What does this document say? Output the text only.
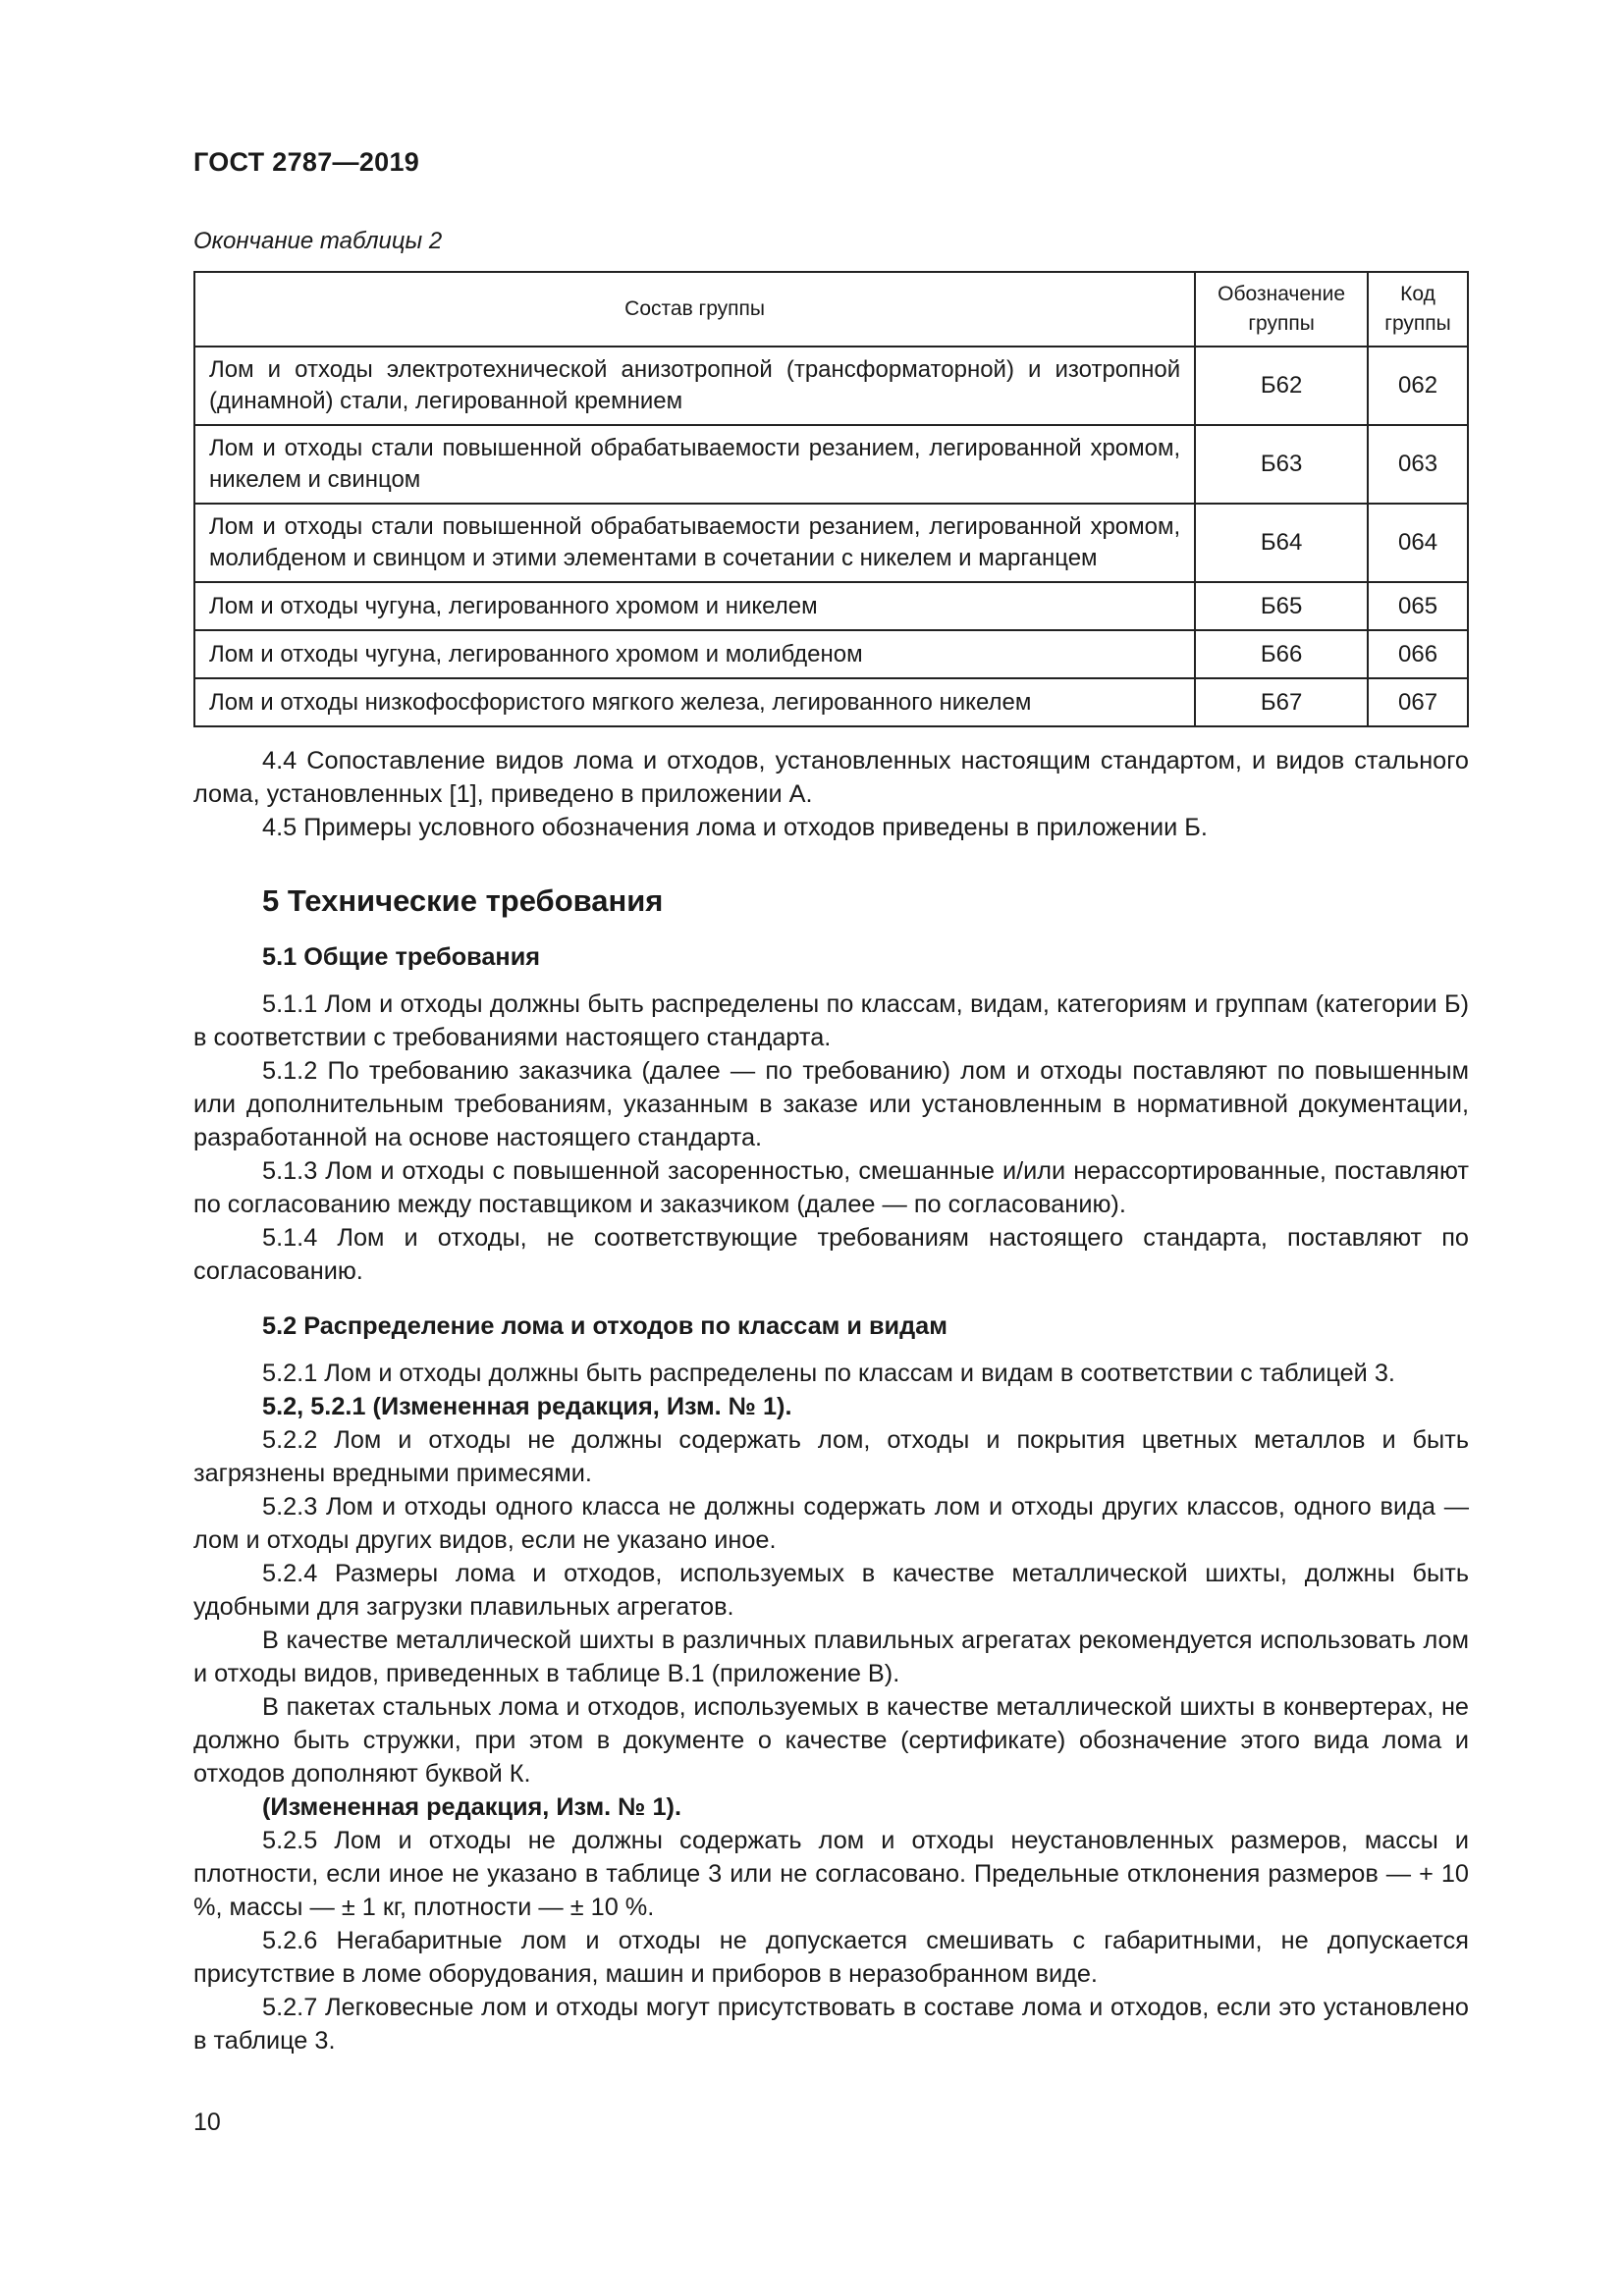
ГОСТ 2787—2019
Окончание таблицы 2
Состав группы	Обозначение группы	Код группы
Лом и отходы электротехнической анизотропной (трансформаторной) и изотропной (динамной) стали, легированной кремнием	Б62	062
Лом и отходы стали повышенной обрабатываемости резанием, легированной хромом, никелем и свинцом	Б63	063
Лом и отходы стали повышенной обрабатываемости резанием, легированной хромом, молибденом и свинцом и этими элементами в сочетании с никелем и марганцем	Б64	064
Лом и отходы чугуна, легированного хромом и никелем	Б65	065
Лом и отходы чугуна, легированного хромом и молибденом	Б66	066
Лом и отходы низкофосфористого мягкого железа, легированного никелем	Б67	067

4.4 Сопоставление видов лома и отходов, установленных настоящим стандартом, и видов стального лома, установленных [1], приведено в приложении А.

4.5 Примеры условного обозначения лома и отходов приведены в приложении Б.

5 Технические требования
5.1 Общие требования

5.1.1 Лом и отходы должны быть распределены по классам, видам, категориям и группам (категории Б) в соответствии с требованиями настоящего стандарта.

5.1.2 По требованию заказчика (далее — по требованию) лом и отходы поставляют по повышенным или дополнительным требованиям, указанным в заказе или установленным в нормативной документации, разработанной на основе настоящего стандарта.

5.1.3 Лом и отходы с повышенной засоренностью, смешанные и/или нерассортированные, поставляют по согласованию между поставщиком и заказчиком (далее — по согласованию).

5.1.4 Лом и отходы, не соответствующие требованиям настоящего стандарта, поставляют по согласованию.

5.2 Распределение лома и отходов по классам и видам

5.2.1 Лом и отходы должны быть распределены по классам и видам в соответствии с таблицей 3.

5.2, 5.2.1 (Измененная редакция, Изм. № 1).

5.2.2 Лом и отходы не должны содержать лом, отходы и покрытия цветных металлов и быть загрязнены вредными примесями.

5.2.3 Лом и отходы одного класса не должны содержать лом и отходы других классов, одного вида — лом и отходы других видов, если не указано иное.

5.2.4 Размеры лома и отходов, используемых в качестве металлической шихты, должны быть удобными для загрузки плавильных агрегатов.

В качестве металлической шихты в различных плавильных агрегатах рекомендуется использовать лом и отходы видов, приведенных в таблице В.1 (приложение В).

В пакетах стальных лома и отходов, используемых в качестве металлической шихты в конвертерах, не должно быть стружки, при этом в документе о качестве (сертификате) обозначение этого вида лома и отходов дополняют буквой К.

(Измененная редакция, Изм. № 1).

5.2.5 Лом и отходы не должны содержать лом и отходы неустановленных размеров, массы и плотности, если иное не указано в таблице 3 или не согласовано. Предельные отклонения размеров — + 10 %, массы — ± 1 кг, плотности — ± 10 %.

5.2.6 Негабаритные лом и отходы не допускается смешивать с габаритными, не допускается присутствие в ломе оборудования, машин и приборов в неразобранном виде.

5.2.7 Легковесные лом и отходы могут присутствовать в составе лома и отходов, если это установлено в таблице 3.

10
